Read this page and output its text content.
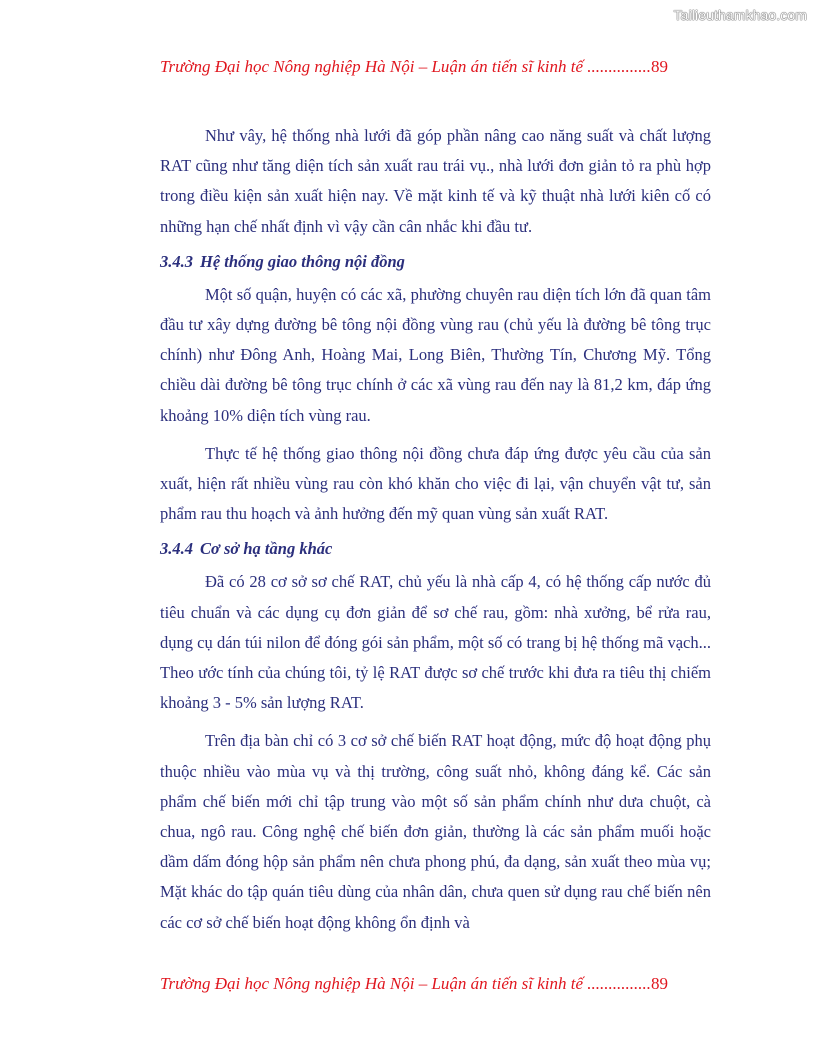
Tailieuthamkhao.com
Trường Đại học Nông nghiệp Hà Nội – Luận án tiến sĩ kinh tế ...............89

Như vây, hệ thống nhà lưới đã góp phần nâng cao năng suất và chất lượng RAT cũng như tăng diện tích sản xuất rau trái vụ., nhà lưới đơn giản tỏ ra phù hợp trong điều kiện sản xuất hiện nay. Về mặt kinh tế và kỹ thuật nhà lưới kiên cố có những hạn chế nhất định vì vậy cần cân nhắc khi đầu tư.

3.4.3 Hệ thống giao thông nội đồng

Một số quận, huyện có các xã, phường chuyên rau diện tích lớn đã quan tâm đầu tư xây dựng đường bê tông nội đồng vùng rau (chủ yếu là đường bê tông trục chính) như Đông Anh, Hoàng Mai, Long Biên, Thường Tín, Chương Mỹ. Tổng chiều dài đường bê tông trục chính ở các xã vùng rau đến nay là 81,2 km, đáp ứng khoảng 10% diện tích vùng rau.

Thực tế hệ thống giao thông nội đồng chưa đáp ứng được yêu cầu của sản xuất, hiện rất nhiều vùng rau còn khó khăn cho việc đi lại, vận chuyển vật tư, sản phẩm rau thu hoạch và ảnh hưởng đến mỹ quan vùng sản xuất RAT.

3.4.4 Cơ sở hạ tầng khác

Đã có 28 cơ sở sơ chế RAT, chủ yếu là nhà cấp 4, có hệ thống cấp nước đủ tiêu chuẩn và các dụng cụ đơn giản để sơ chế rau, gồm: nhà xưởng, bể rửa rau, dụng cụ dán túi nilon để đóng gói sản phẩm, một số có trang bị hệ thống mã vạch... Theo ước tính của chúng tôi, tỷ lệ RAT được sơ chế trước khi đưa ra tiêu thị chiếm khoảng 3 - 5% sản lượng RAT.

Trên địa bàn chỉ có 3 cơ sở chế biến RAT hoạt động, mức độ hoạt động phụ thuộc nhiều vào mùa vụ và thị trường, công suất nhỏ, không đáng kể. Các sản phẩm chế biến mới chỉ tập trung vào một số sản phẩm chính như dưa chuột, cà chua, ngô rau. Công nghệ chế biến đơn giản, thường là các sản phẩm muối hoặc dầm dấm đóng hộp sản phẩm nên chưa phong phú, đa dạng, sản xuất theo mùa vụ; Mặt khác do tập quán tiêu dùng của nhân dân, chưa quen sử dụng rau chế biến nên các cơ sở chế biến hoạt động không ổn định và

Trường Đại học Nông nghiệp Hà Nội – Luận án tiến sĩ kinh tế ...............89
